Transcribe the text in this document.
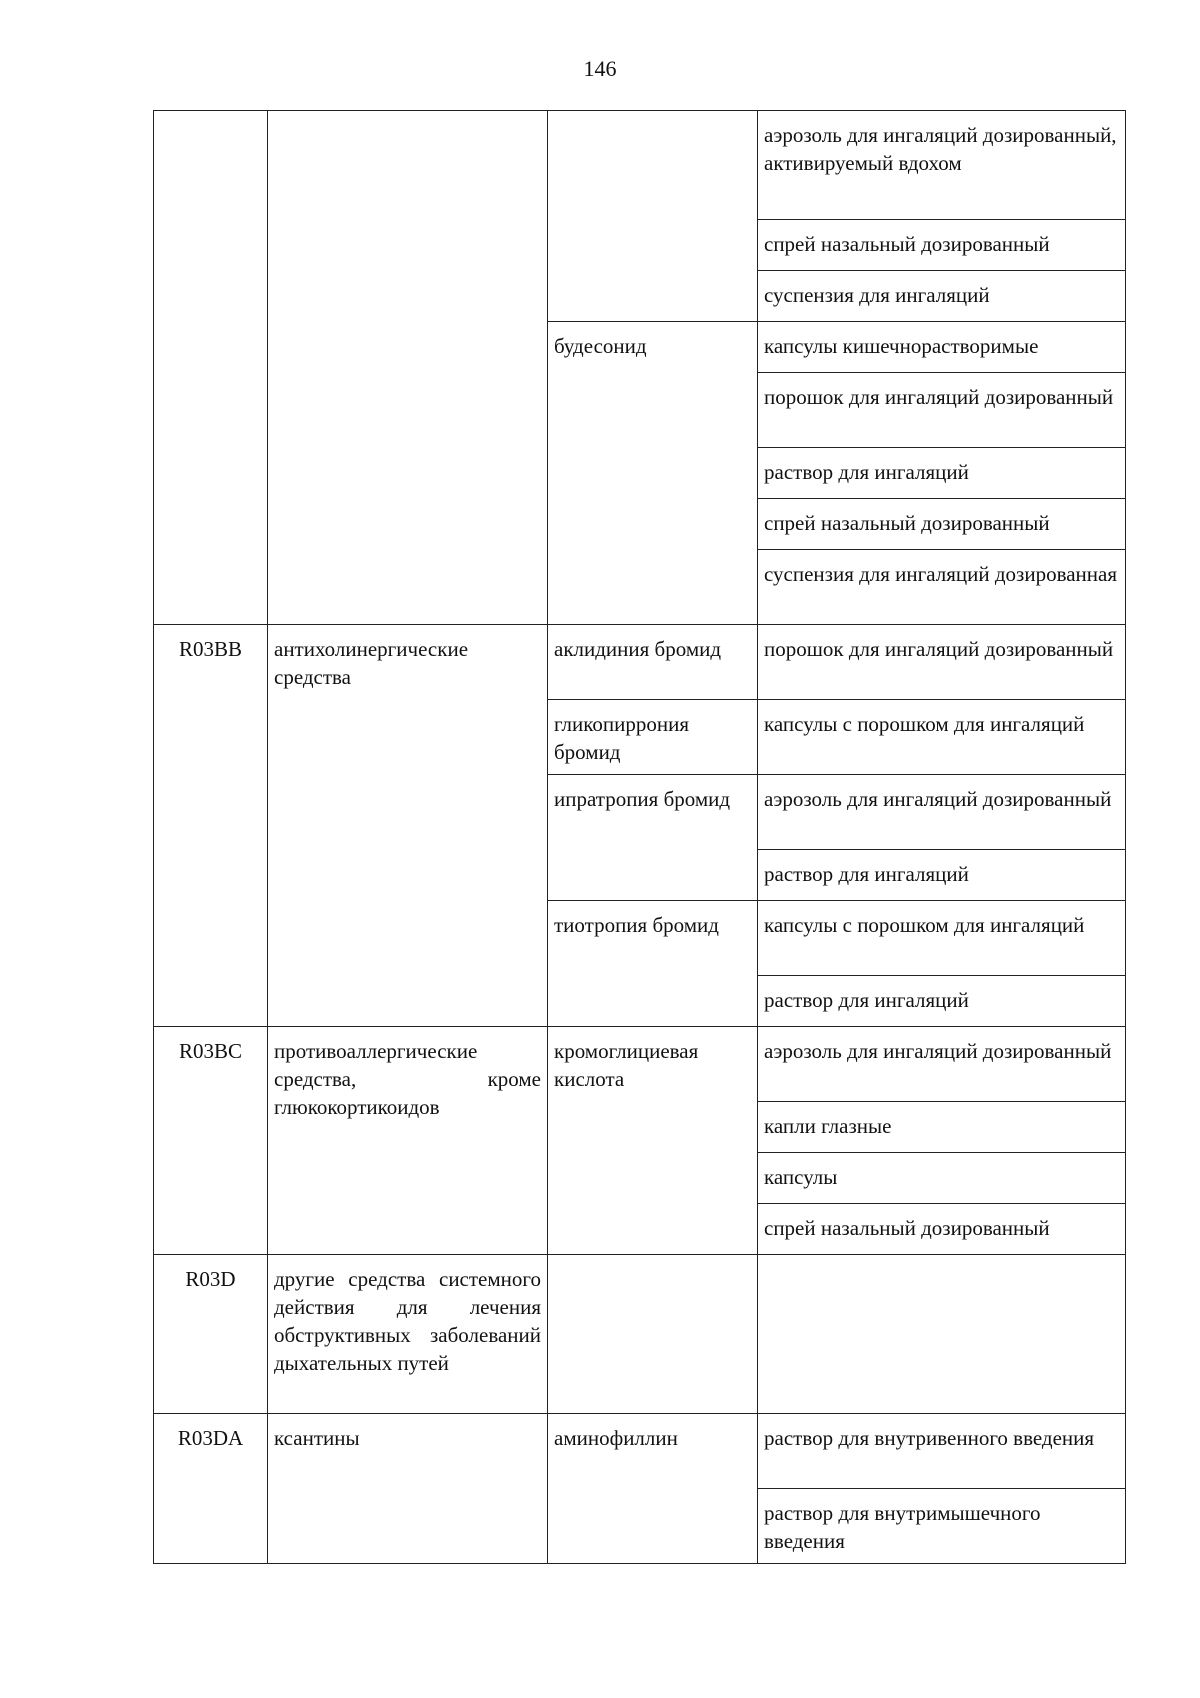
146
			аэрозоль для ингаляций дозированный, активируемый вдохом
			спрей назальный дозированный
			суспензия для ингаляций
		будесонид	капсулы кишечнорастворимые
			порошок для ингаляций дозированный
			раствор для ингаляций
			спрей назальный дозированный
			суспензия для ингаляций дозированная
R03BB	антихолинергические средства	аклидиния бромид	порошок для ингаляций дозированный
		гликопиррония бромид	капсулы с порошком для ингаляций
		ипратропия бромид	аэрозоль для ингаляций дозированный
			раствор для ингаляций
		тиотропия бромид	капсулы с порошком для ингаляций
			раствор для ингаляций
R03BC	противоаллергические средства, кроме глюкокортикоидов	кромоглициевая кислота	аэрозоль для ингаляций дозированный
			капли глазные
			капсулы
			спрей назальный дозированный
R03D	другие средства системного действия для лечения обструктивных заболеваний дыхательных путей		
R03DA	ксантины	аминофиллин	раствор для внутривенного введения
			раствор для внутримышечного введения
